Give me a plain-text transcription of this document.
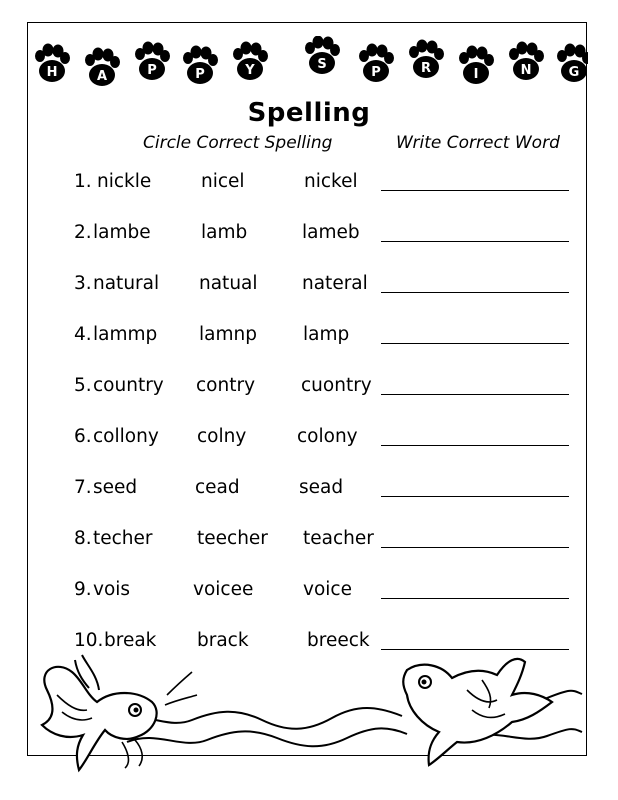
H	A	P	P	Y	S
P	R	I	N	G
Spelling
Circle Correct Spelling	Write Correct Word
1. nickle	nicel	nickel
2. lambe	lamb	lameb
3. natural natual nateral
4. lammp lamnp lamp
5. country contry cuontry
6. collony colny	colony
7. seed	cead	sead
8. techer teecher teacher
9. vois	voicee	voice
10. break brack	breeck
